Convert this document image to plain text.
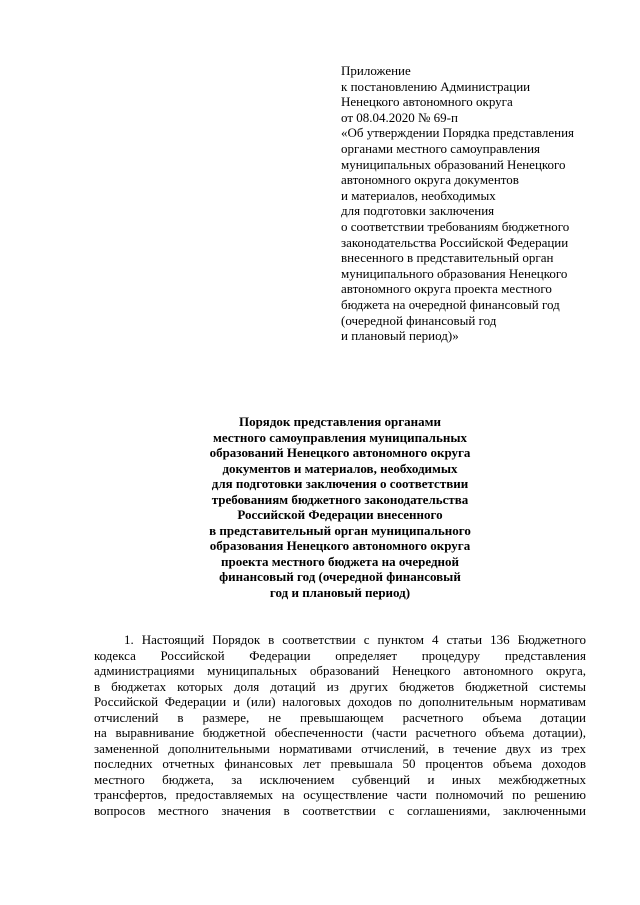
Приложение
к постановлению Администрации
Ненецкого автономного округа
от 08.04.2020 № 69-п
«Об утверждении Порядка представления
органами местного самоуправления
муниципальных образований Ненецкого
автономного округа документов
и материалов, необходимых
для подготовки заключения
о соответствии требованиям бюджетного
законодательства Российской Федерации
внесенного в представительный орган
муниципального образования Ненецкого
автономного округа проекта местного
бюджета на очередной финансовый год
(очередной финансовый год
и плановый период)»
Порядок представления органами
местного самоуправления муниципальных
образований Ненецкого автономного округа
документов и материалов, необходимых
для подготовки заключения о соответствии
требованиям бюджетного законодательства
Российской Федерации внесенного
в представительный орган муниципального
образования Ненецкого автономного округа
проекта местного бюджета на очередной
финансовый год (очередной финансовый
год и плановый период)
1. Настоящий Порядок в соответствии с пунктом 4 статьи 136 Бюджетного
кодекса Российской Федерации определяет процедуру представления
администрациями муниципальных образований Ненецкого автономного округа,
в бюджетах которых доля дотаций из других бюджетов бюджетной системы
Российской Федерации и (или) налоговых доходов по дополнительным нормативам
отчислений в размере, не превышающем расчетного объема дотации
на выравнивание бюджетной обеспеченности (части расчетного объема дотации),
замененной дополнительными нормативами отчислений, в течение двух из трех
последних отчетных финансовых лет превышала 50 процентов объема доходов
местного бюджета, за исключением субвенций и иных межбюджетных
трансфертов, предоставляемых на осуществление части полномочий по решению
вопросов местного значения в соответствии с соглашениями, заключенными
